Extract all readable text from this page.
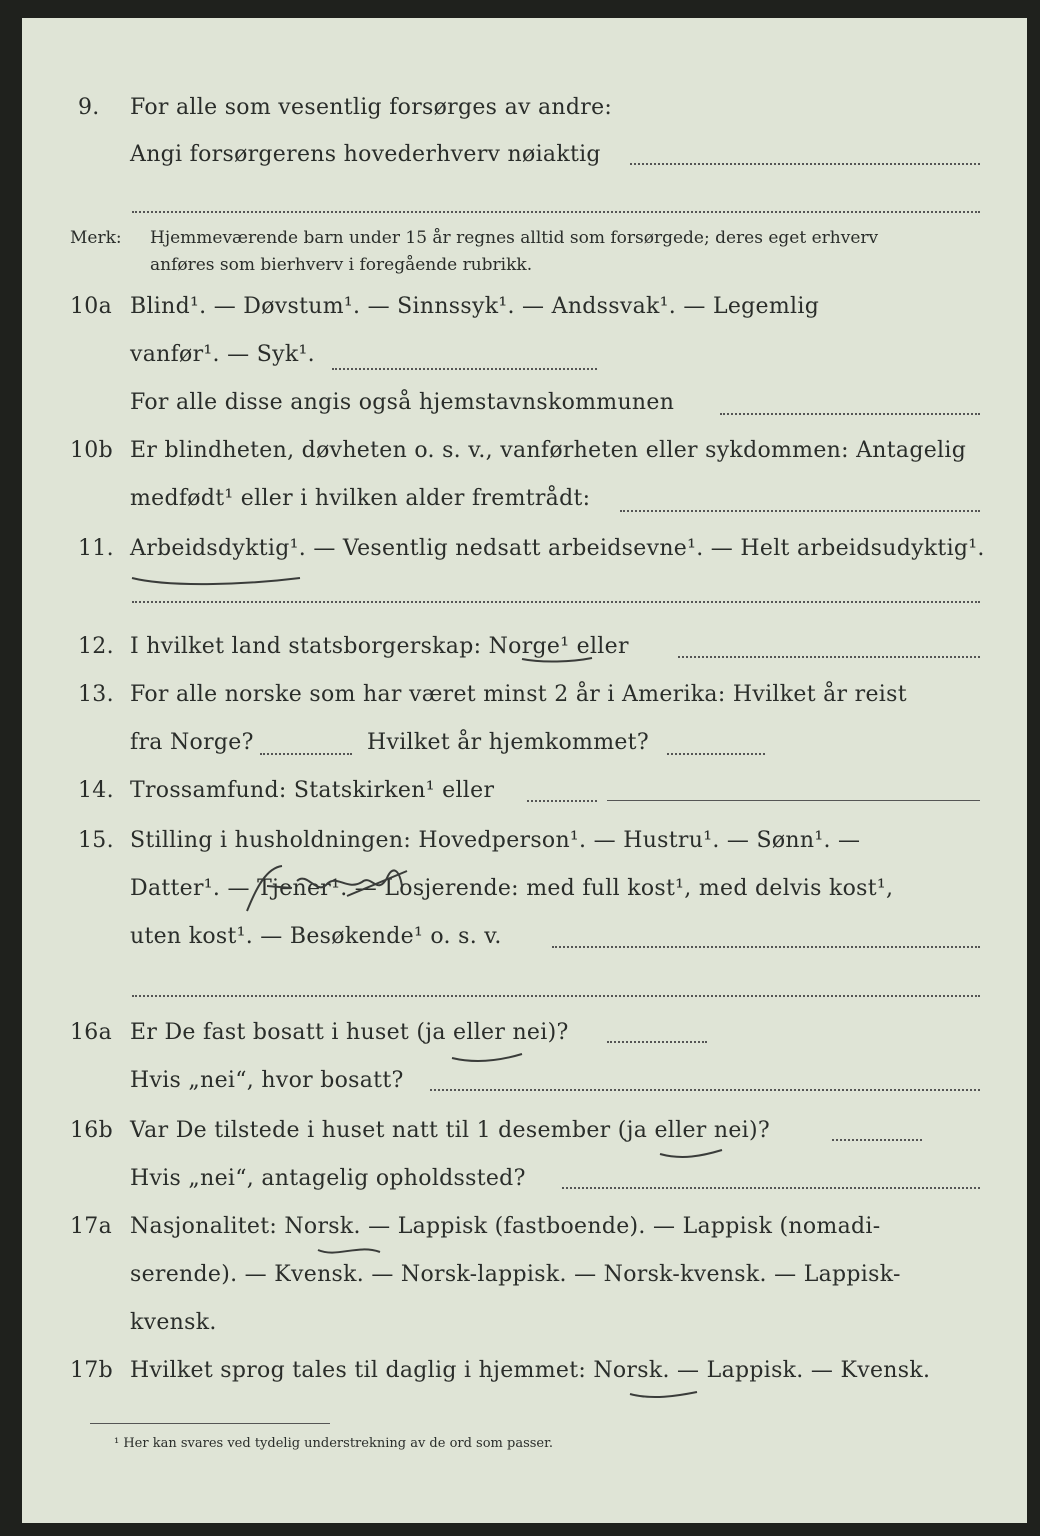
9. For alle som vesentlig forsørges av andre:
Angi forsørgerens hovederhverv nøiaktig
Merk: Hjemmeværende barn under 15 år regnes alltid som forsørgede; deres eget erhverv
anføres som bierhverv i foregående rubrikk.
10a Blind¹. — Døvstum¹. — Sinnssyk¹. — Andssvak¹. — Legemlig
vanfør¹. — Syk¹.
For alle disse angis også hjemstavnskommunen
10b Er blindheten, døvheten o. s. v., vanførheten eller sykdommen: Antagelig
medfødt¹ eller i hvilken alder fremtrådt:
11. Arbeidsdyktig¹. — Vesentlig nedsatt arbeidsevne¹. — Helt arbeidsudyktig¹.
12. I hvilket land statsborgerskap: Norge¹ eller
13. For alle norske som har været minst 2 år i Amerika: Hvilket år reist
fra Norge?	Hvilket år hjemkommet?
14. Trossamfund: Statskirken¹ eller
15. Stilling i husholdningen: Hovedperson¹. — Hustru¹. — Sønn¹. —
Datter¹. — Tjener¹. — Losjerende: med full kost¹, med delvis kost¹,
uten kost¹. — Besøkende¹ o. s. v.
16a Er De fast bosatt i huset (ja eller nei)?
Hvis „nei“, hvor bosatt?
16b Var De tilstede i huset natt til 1 desember (ja eller nei)?
Hvis „nei“, antagelig opholdssted?
17a Nasjonalitet: Norsk. — Lappisk (fastboende). — Lappisk (nomadi-
serende). — Kvensk. — Norsk-lappisk. — Norsk-kvensk. — Lappisk-
kvensk.
17b Hvilket sprog tales til daglig i hjemmet: Norsk. — Lappisk. — Kvensk.
¹ Her kan svares ved tydelig understrekning av de ord som passer.
